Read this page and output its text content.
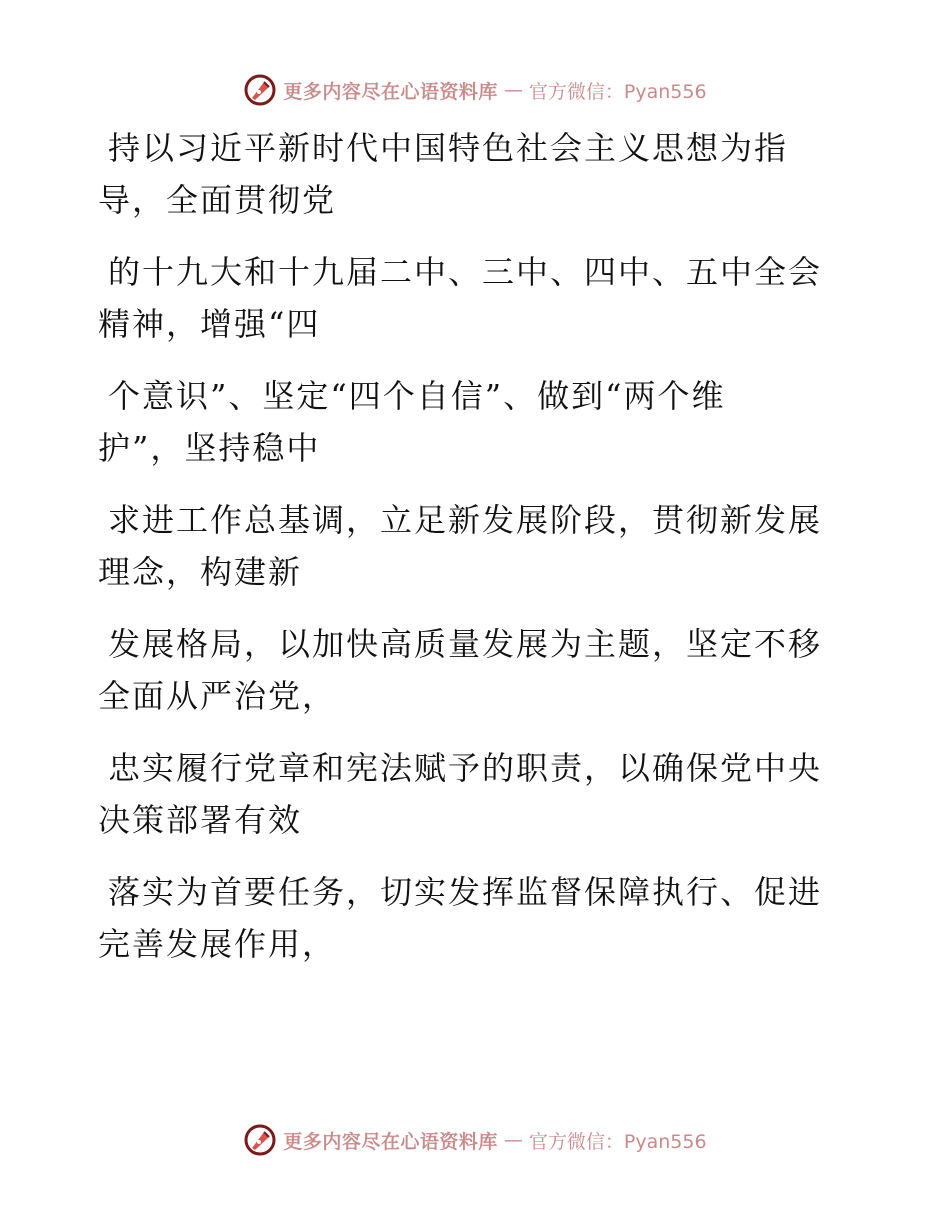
更多内容尽在心语资料库 — 官方微信：Pyan556

持以习近平新时代中国特色社会主义思想为指
导，全面贯彻党

的十九大和十九届二中、三中、四中、五中全会
精神，增强“四

个意识”、坚定“四个自信”、做到“两个维
护”，坚持稳中

求进工作总基调，立足新发展阶段，贯彻新发展
理念，构建新

发展格局，以加快高质量发展为主题，坚定不移
全面从严治党，

忠实履行党章和宪法赋予的职责，以确保党中央
决策部署有效

落实为首要任务，切实发挥监督保障执行、促进
完善发展作用，

更多内容尽在心语资料库 — 官方微信：Pyan556
